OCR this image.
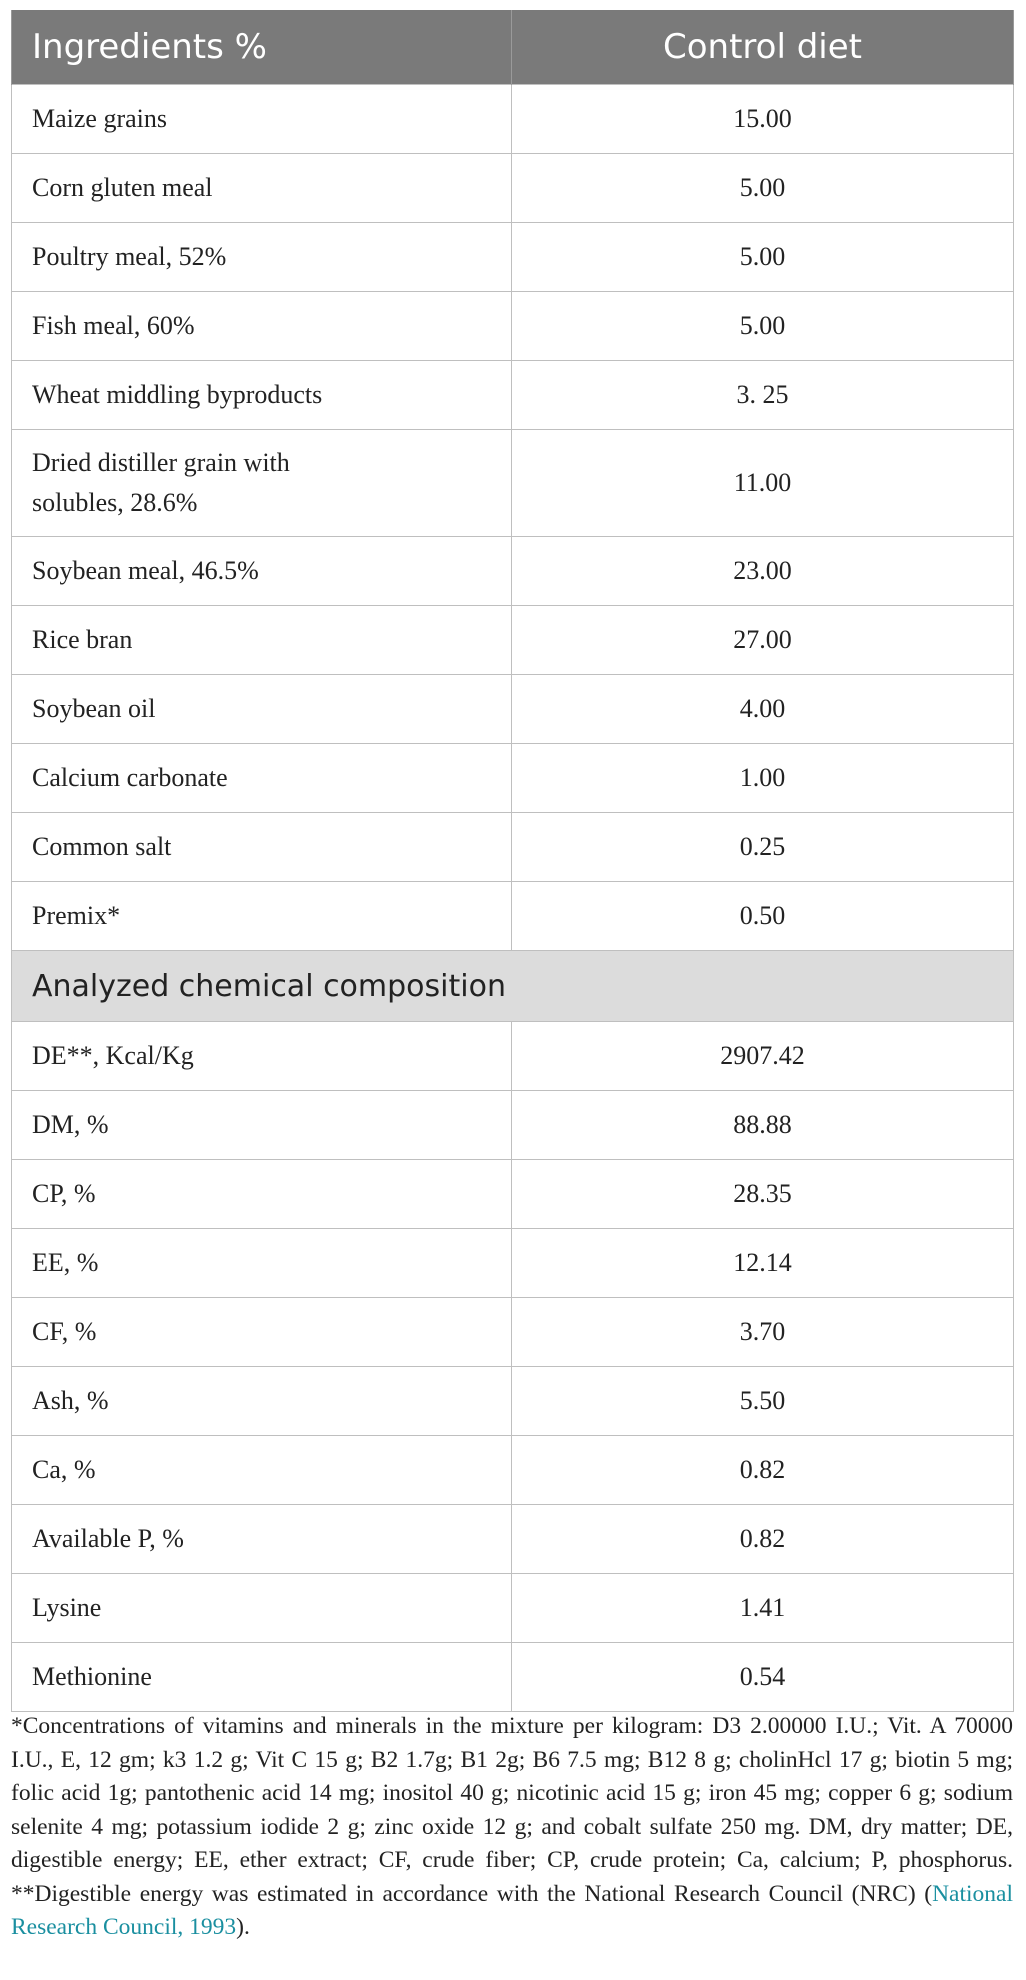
Ingredients %	Control diet
Maize grains	15.00
Corn gluten meal	5.00
Poultry meal, 52%	5.00
Fish meal, 60%	5.00
Wheat middling byproducts	3. 25
Dried distiller grain with
solubles, 28.6%	11.00
Soybean meal, 46.5%	23.00
Rice bran	27.00
Soybean oil	4.00
Calcium carbonate	1.00
Common salt	0.25
Premix*	0.50
Analyzed chemical composition	
DE**, Kcal/Kg	2907.42
DM, %	88.88
CP, %	28.35
EE, %	12.14
CF, %	3.70
Ash, %	5.50
Ca, %	0.82
Available P, %	0.82
Lysine	1.41
Methionine	0.54

*Concentrations of vitamins and minerals in the mixture per kilogram: D3 2.00000 I.U.; Vit. A 70000 I.U., E, 12 gm; k3 1.2 g; Vit C 15 g; B2 1.7g; B1 2g; B6 7.5 mg; B12 8 g; cholinHcl 17 g; biotin 5 mg; folic acid 1g; pantothenic acid 14 mg; inositol 40 g; nicotinic acid 15 g; iron 45 mg; copper 6 g; sodium selenite 4 mg; potassium iodide 2 g; zinc oxide 12 g; and cobalt sulfate 250 mg. DM, dry matter; DE, digestible energy; EE, ether extract; CF, crude fiber; CP, crude protein; Ca, calcium; P, phosphorus. **Digestible energy was estimated in accordance with the National Research Council (NRC) (National Research Council, 1993).
